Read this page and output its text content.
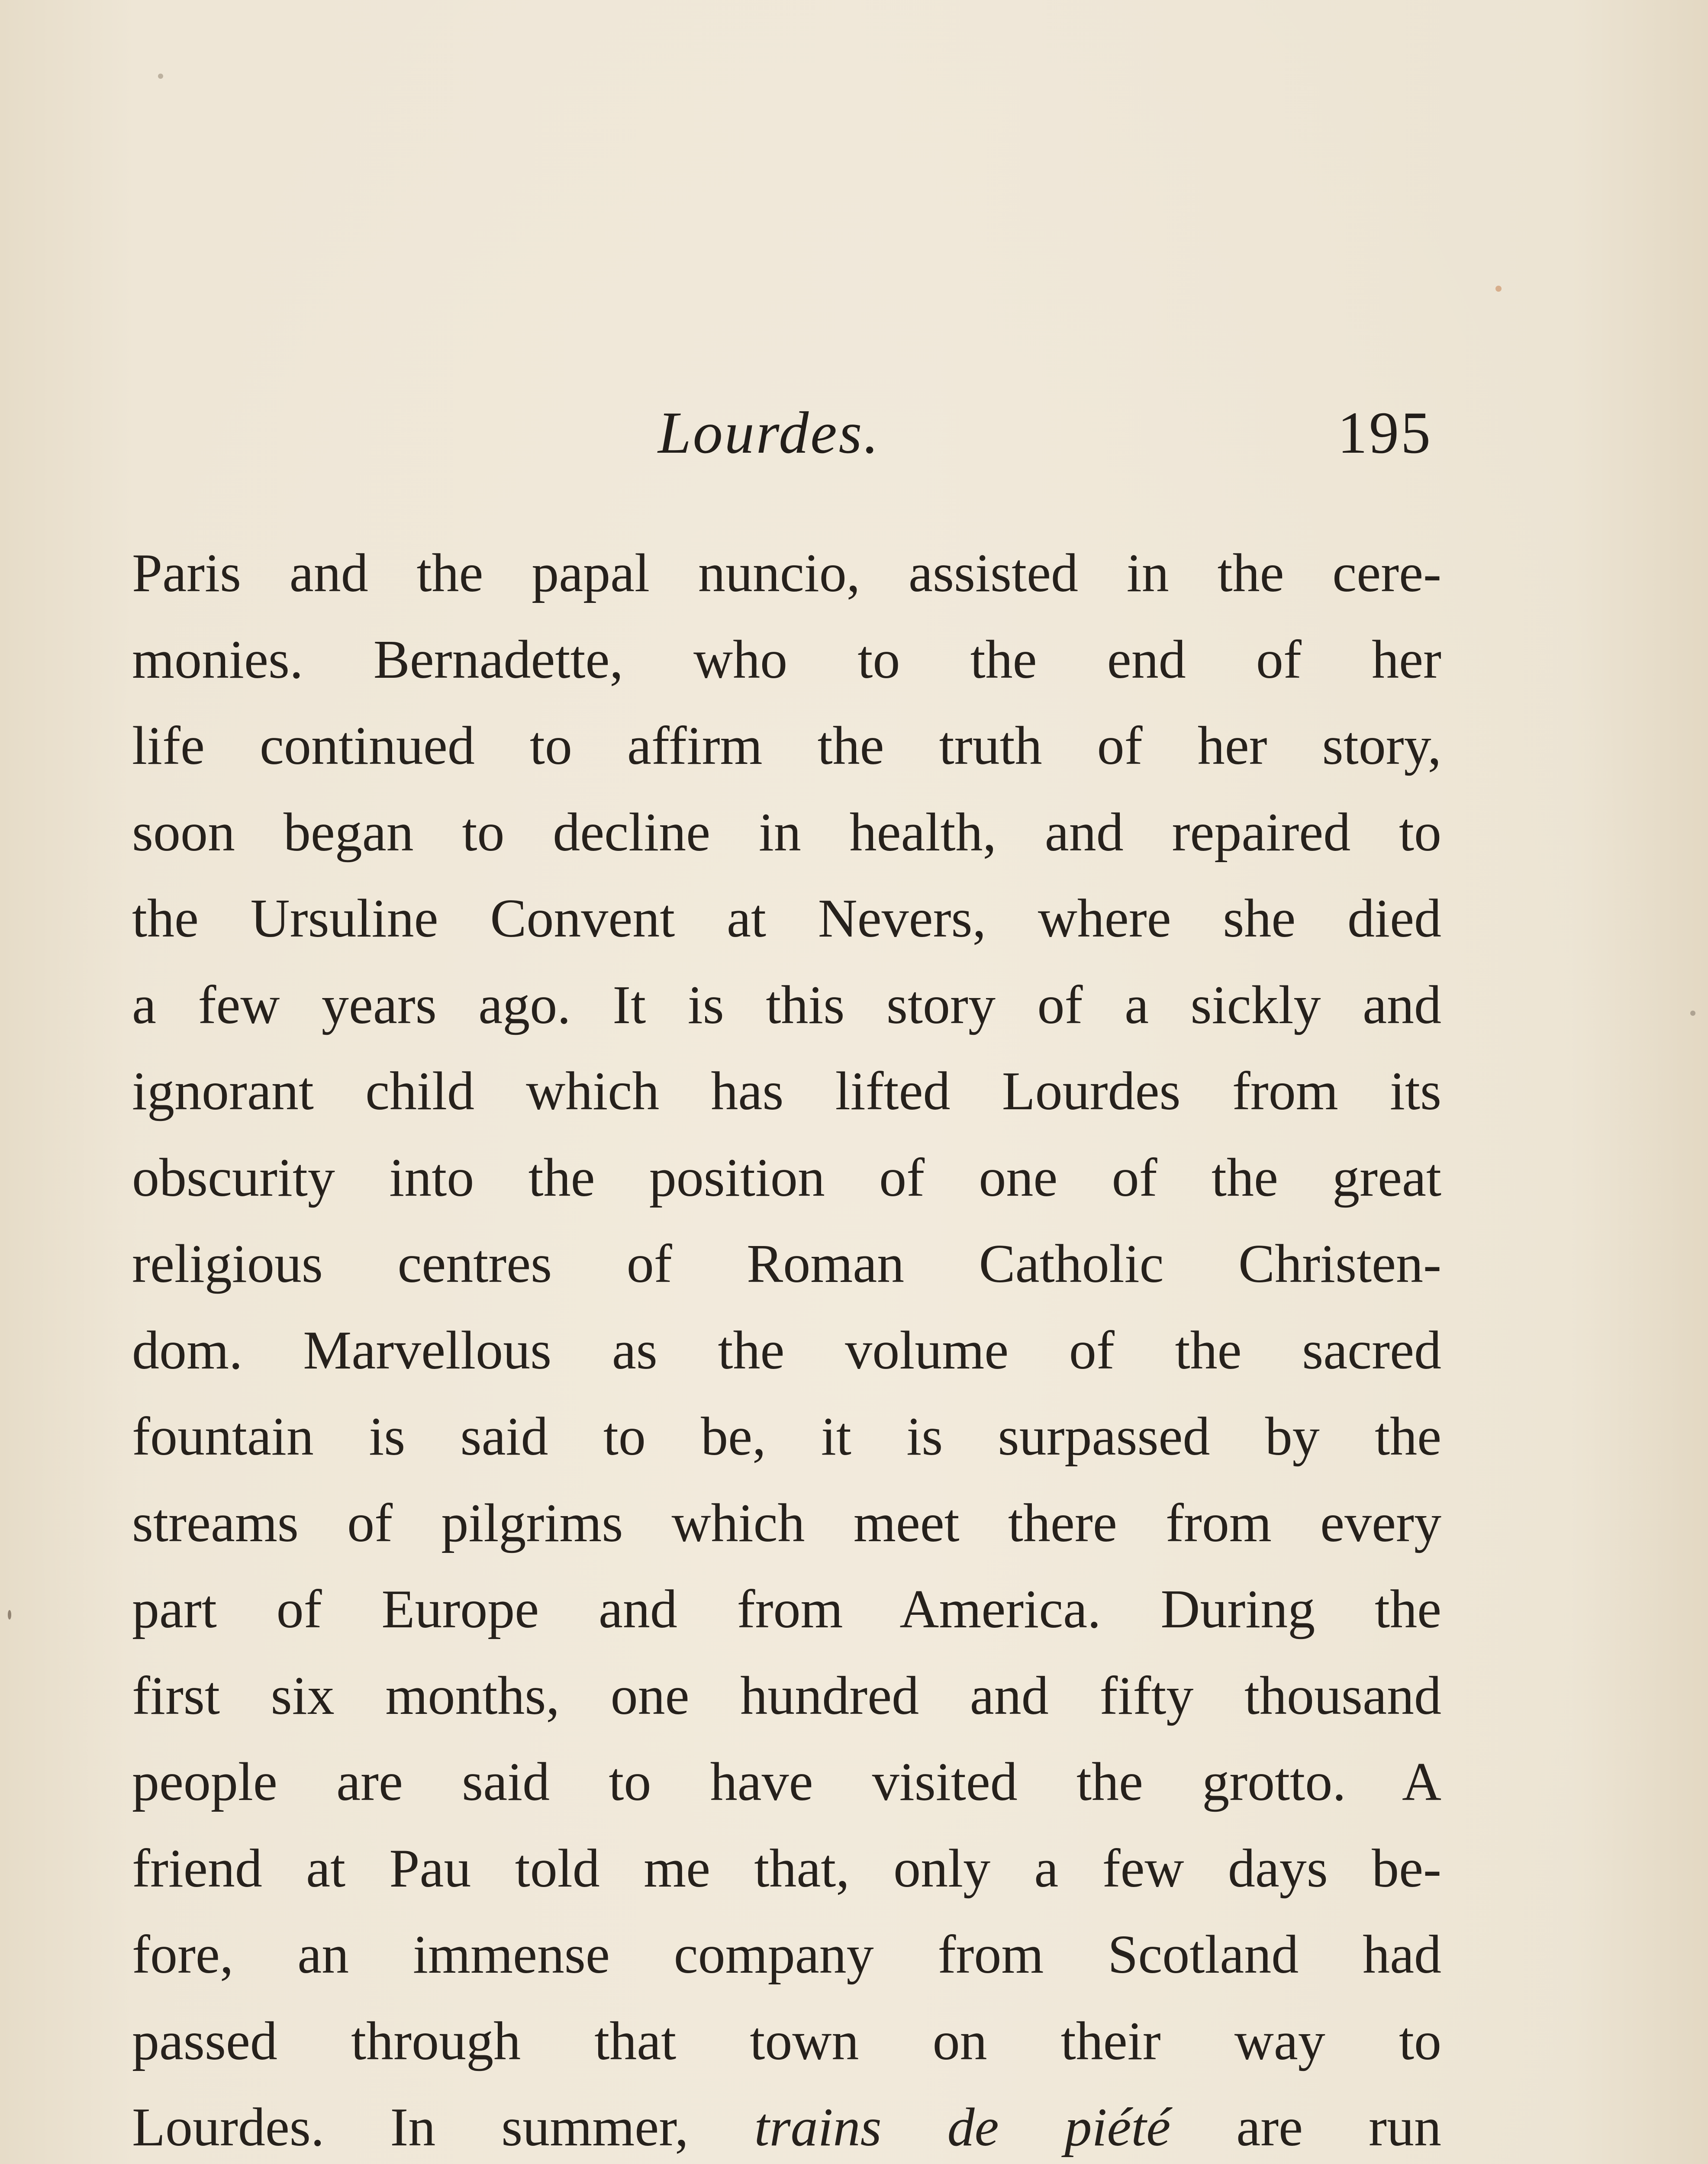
Lourdes.	195
Paris and the papal nuncio, assisted in the cere-
monies. Bernadette, who to the end of her
life continued to affirm the truth of her story,
soon began to decline in health, and repaired to
the Ursuline Convent at Nevers, where she died
a few years ago. It is this story of a sickly and
ignorant child which has lifted Lourdes from its
obscurity into the position of one of the great
religious centres of Roman Catholic Christen-
dom. Marvellous as the volume of the sacred
fountain is said to be, it is surpassed by the
streams of pilgrims which meet there from every
part of Europe and from America. During the
first six months, one hundred and fifty thousand
people are said to have visited the grotto. A
friend at Pau told me that, only a few days be-
fore, an immense company from Scotland had
passed through that town on their way to
Lourdes. In summer, trains de piété are run
